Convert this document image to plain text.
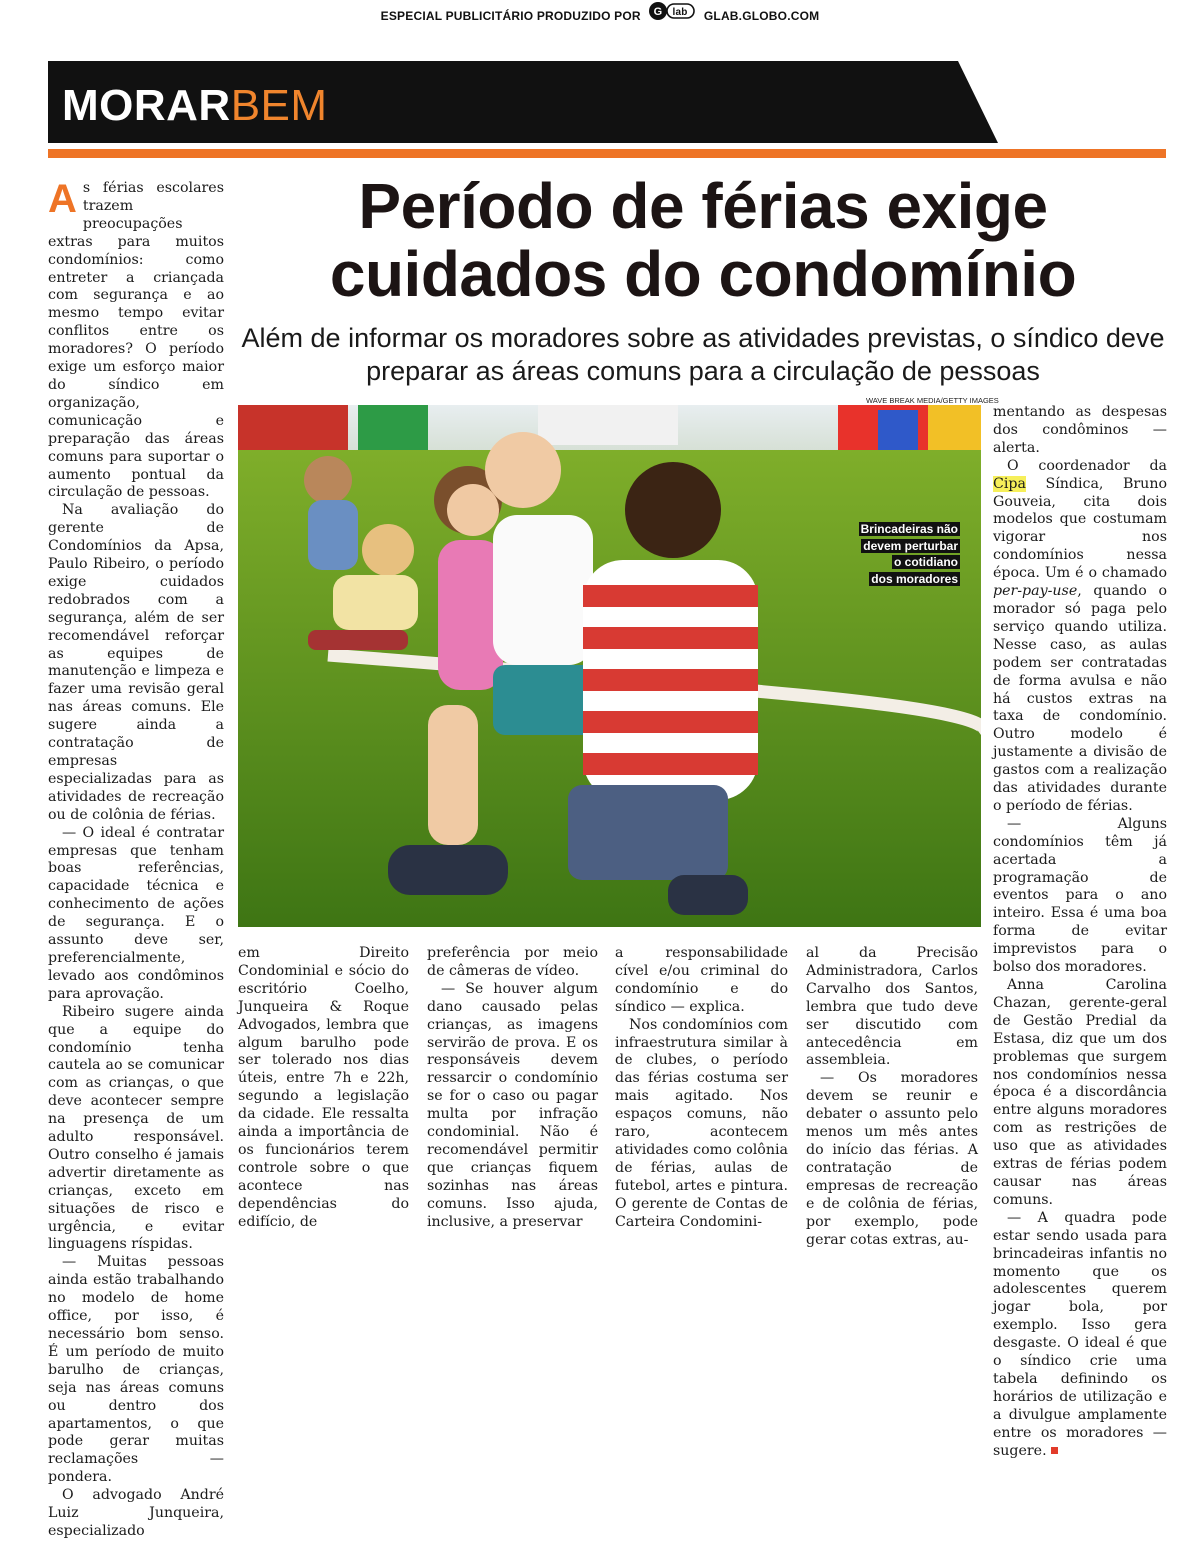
ESPECIAL PUBLICITÁRIO PRODUZIDO POR G lab GLAB.GLOBO.COM
MORARBEM
Período de férias exige cuidados do condomínio
Além de informar os moradores sobre as atividades previstas, o síndico deve preparar as áreas comuns para a circulação de pessoas

As férias escolares trazem preocupações extras para muitos condomínios: como entreter a criançada com segurança e ao mesmo tempo evitar conflitos entre os moradores? O período exige um esforço maior do síndico em organização, comunicação e preparação das áreas comuns para suportar o aumento pontual da circulação de pessoas.

Na avaliação do gerente de Condomínios da Apsa, Paulo Ribeiro, o período exige cuidados redobrados com a segurança, além de ser recomendável reforçar as equipes de manutenção e limpeza e fazer uma revisão geral nas áreas comuns. Ele sugere ainda a contratação de empresas especializadas para as atividades de recreação ou de colônia de férias.

— O ideal é contratar empresas que tenham boas referências, capacidade técnica e conhecimento de ações de segurança. E o assunto deve ser, preferencialmente, levado aos condôminos para aprovação.

Ribeiro sugere ainda que a equipe do condomínio tenha cautela ao se comunicar com as crianças, o que deve acontecer sempre na presença de um adulto responsável. Outro conselho é jamais advertir diretamente as crianças, exceto em situações de risco e urgência, e evitar linguagens ríspidas.

— Muitas pessoas ainda estão trabalhando no modelo de home office, por isso, é necessário bom senso. É um período de muito barulho de crianças, seja nas áreas comuns ou dentro dos apartamentos, o que pode gerar muitas reclamações — pondera.

O advogado André Luiz Junqueira, especializado

WAVE BREAK MEDIA/GETTY IMAGES
Brincadeiras não
devem perturbar
o cotidiano
dos moradores

em Direito Condominial e sócio do escritório Coelho, Junqueira & Roque Advogados, lembra que algum barulho pode ser tolerado nos dias úteis, entre 7h e 22h, segundo a legislação da cidade. Ele ressalta ainda a importância de os funcionários terem controle sobre o que acontece nas dependências do edifício, de

preferência por meio de câmeras de vídeo.

— Se houver algum dano causado pelas crianças, as imagens servirão de prova. E os responsáveis devem ressarcir o condomínio se for o caso ou pagar multa por infração condominial. Não é recomendável permitir que crianças fiquem sozinhas nas áreas comuns. Isso ajuda, inclusive, a preservar

a responsabilidade cível e/ou criminal do condomínio e do síndico — explica.

Nos condomínios com infraestrutura similar à de clubes, o período das férias costuma ser mais agitado. Nos espaços comuns, não raro, acontecem atividades como colônia de férias, aulas de futebol, artes e pintura. O gerente de Contas de Carteira Condomini-

al da Precisão Administradora, Carlos Carvalho dos Santos, lembra que tudo deve ser discutido com antecedência em assembleia.

— Os moradores devem se reunir e debater o assunto pelo menos um mês antes do início das férias. A contratação de empresas de recreação e de colônia de férias, por exemplo, pode gerar cotas extras, au-

mentando as despesas dos condôminos — alerta.

O coordenador da Cipa Síndica, Bruno Gouveia, cita dois modelos que costumam vigorar nos condomínios nessa época. Um é o chamado per-pay-use, quando o morador só paga pelo serviço quando utiliza. Nesse caso, as aulas podem ser contratadas de forma avulsa e não há custos extras na taxa de condomínio. Outro modelo é justamente a divisão de gastos com a realização das atividades durante o período de férias.

— Alguns condomínios têm já acertada a programação de eventos para o ano inteiro. Essa é uma boa forma de evitar imprevistos para o bolso dos moradores.

Anna Carolina Chazan, gerente-geral de Gestão Predial da Estasa, diz que um dos problemas que surgem nos condomínios nessa época é a discordância entre alguns moradores com as restrições de uso que as atividades extras de férias podem causar nas áreas comuns.

— A quadra pode estar sendo usada para brincadeiras infantis no momento que os adolescentes querem jogar bola, por exemplo. Isso gera desgaste. O ideal é que o síndico crie uma tabela definindo os horários de utilização e a divulgue amplamente entre os moradores — sugere.
